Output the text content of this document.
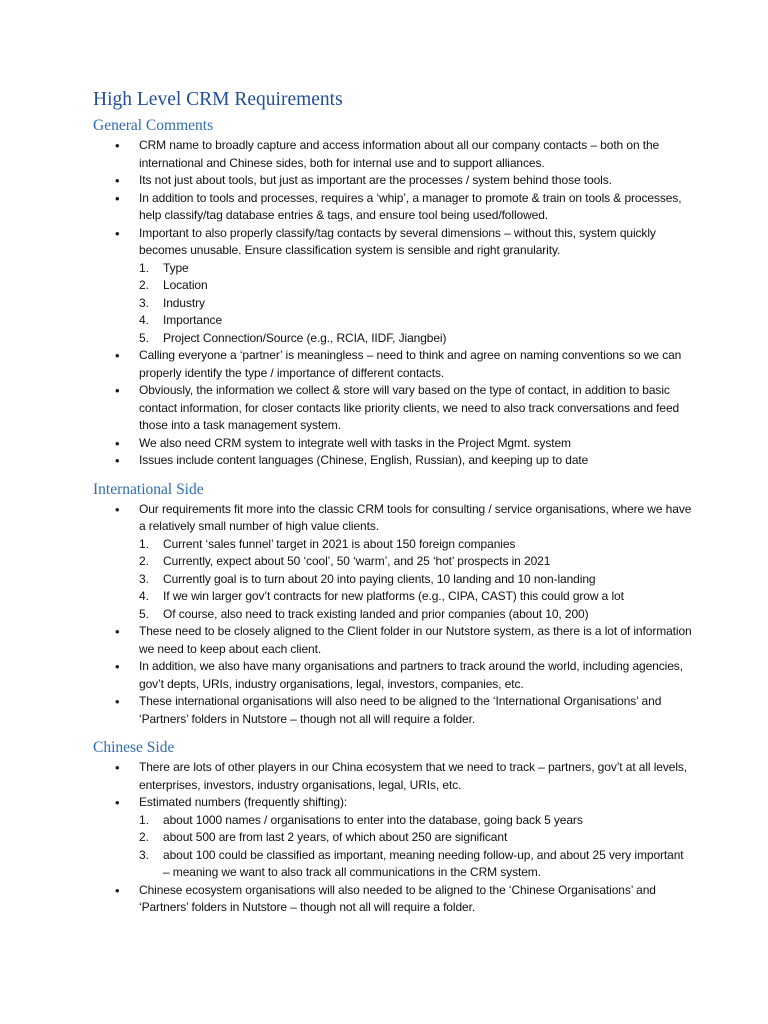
High Level CRM Requirements
General Comments
• CRM name to broadly capture and access information about all our company contacts – both on the international and Chinese sides, both for internal use and to support alliances.
• Its not just about tools, but just as important are the processes / system behind those tools.
• In addition to tools and processes, requires a ‘whip’, a manager to promote & train on tools & processes, help classify/tag database entries & tags, and ensure tool being used/followed.
• Important to also properly classify/tag contacts by several dimensions – without this, system quickly becomes unusable. Ensure classification system is sensible and right granularity.
1. Type
2. Location
3. Industry
4. Importance
5. Project Connection/Source (e.g., RCIA, IIDF, Jiangbei)
• Calling everyone a ‘partner’ is meaningless – need to think and agree on naming conventions so we can properly identify the type / importance of different contacts.
• Obviously, the information we collect & store will vary based on the type of contact, in addition to basic contact information, for closer contacts like priority clients, we need to also track conversations and feed those into a task management system.
• We also need CRM system to integrate well with tasks in the Project Mgmt. system
• Issues include content languages (Chinese, English, Russian), and keeping up to date
International Side
• Our requirements fit more into the classic CRM tools for consulting / service organisations, where we have a relatively small number of high value clients.
1. Current ‘sales funnel’ target in 2021 is about 150 foreign companies
2. Currently, expect about 50 ‘cool’, 50 ‘warm’, and 25 ‘hot’ prospects in 2021
3. Currently goal is to turn about 20 into paying clients, 10 landing and 10 non-landing
4. If we win larger gov’t contracts for new platforms (e.g., CIPA, CAST) this could grow a lot
5. Of course, also need to track existing landed and prior companies (about 10, 200)
• These need to be closely aligned to the Client folder in our Nutstore system, as there is a lot of information we need to keep about each client.
• In addition, we also have many organisations and partners to track around the world, including agencies, gov’t depts, URIs, industry organisations, legal, investors, companies, etc.
• These international organisations will also need to be aligned to the ‘International Organisations’ and ‘Partners’ folders in Nutstore – though not all will require a folder.
Chinese Side
• There are lots of other players in our China ecosystem that we need to track – partners, gov’t at all levels, enterprises, investors, industry organisations, legal, URIs, etc.
• Estimated numbers (frequently shifting):
1. about 1000 names / organisations to enter into the database, going back 5 years
2. about 500 are from last 2 years, of which about 250 are significant
3. about 100 could be classified as important, meaning needing follow-up, and about 25 very important – meaning we want to also track all communications in the CRM system.
• Chinese ecosystem organisations will also needed to be aligned to the ‘Chinese Organisations’ and ‘Partners’ folders in Nutstore – though not all will require a folder.
